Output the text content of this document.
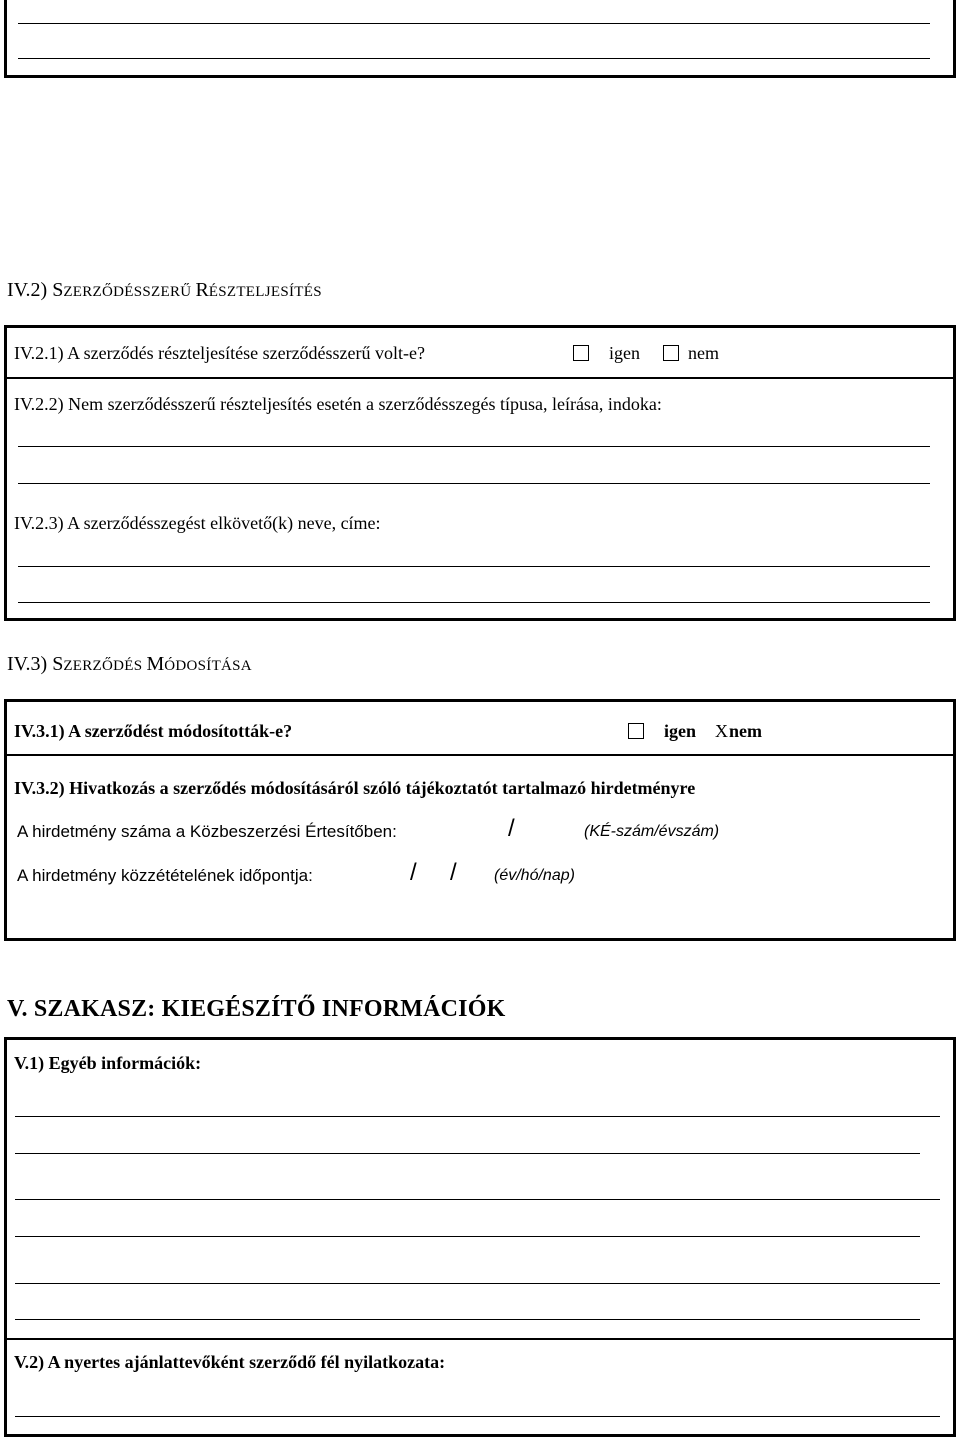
IV.2) SZERZŐDÉSSZERŰ RÉSZTELJESÍTÉS
IV.2.1) A szerződés részteljesítése szerződésszerű volt-e?	igen	nem
IV.2.2) Nem szerződésszerű részteljesítés esetén a szerződésszegés típusa, leírása, indoka:
IV.2.3) A szerződésszegést elkövető(k) neve, címe:
IV.3) SZERZŐDÉS MÓDOSÍTÁSA
IV.3.1) A szerződést módosították-e?	igen X nem
IV.3.2) Hivatkozás a szerződés módosításáról szóló tájékoztatót tartalmazó hirdetményre
A hirdetmény száma a Közbeszerzési Értesítőben:	/	(KÉ-szám/évszám)
A hirdetmény közzétételének időpontja:	/ / (év/hó/nap)
V. SZAKASZ: KIEGÉSZÍTŐ INFORMÁCIÓK
V.1) Egyéb információk:
V.2) A nyertes ajánlattevőként szerződő fél nyilatkozata:
